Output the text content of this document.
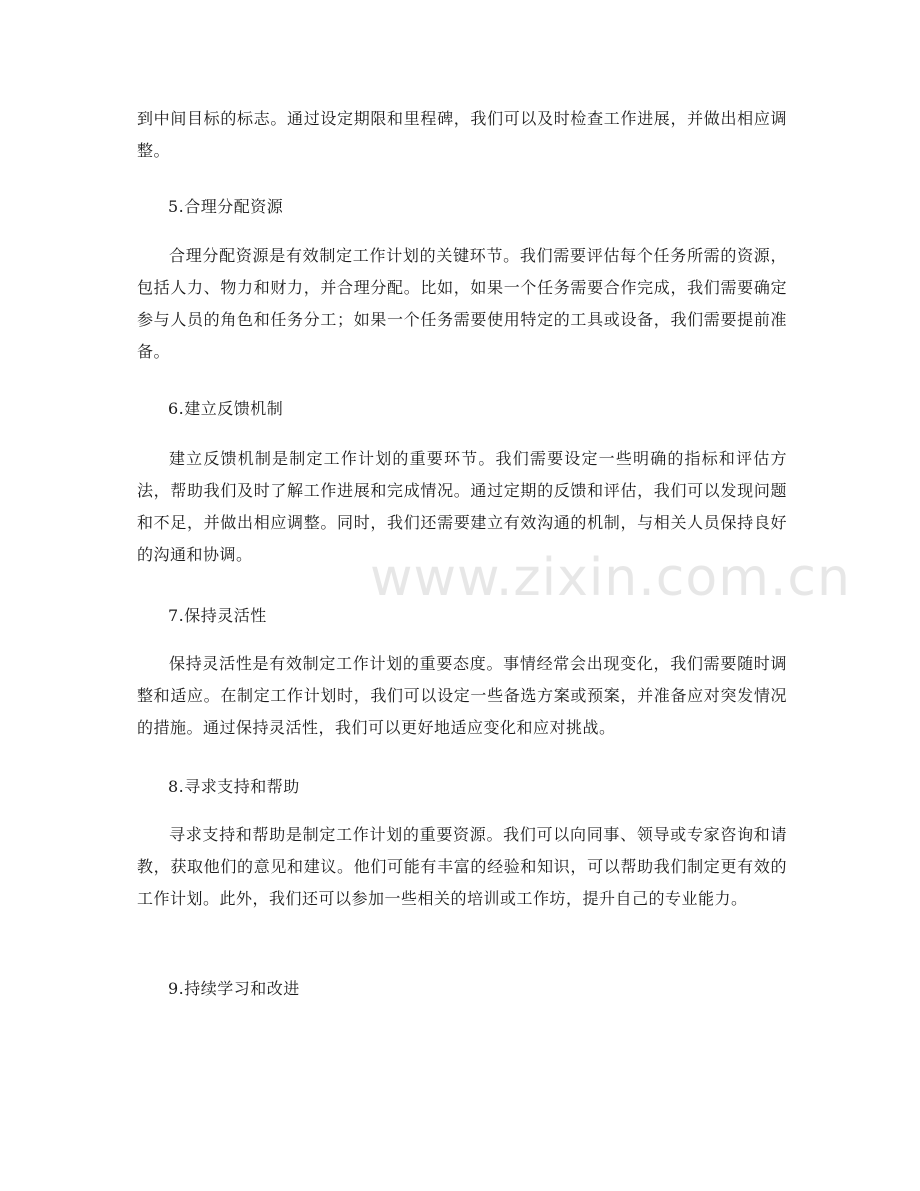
到中间目标的标志。通过设定期限和里程碑，我们可以及时检查工作进展，并做出相应调整。
5.合理分配资源
合理分配资源是有效制定工作计划的关键环节。我们需要评估每个任务所需的资源，包括人力、物力和财力，并合理分配。比如，如果一个任务需要合作完成，我们需要确定参与人员的角色和任务分工；如果一个任务需要使用特定的工具或设备，我们需要提前准备。
6.建立反馈机制
建立反馈机制是制定工作计划的重要环节。我们需要设定一些明确的指标和评估方法，帮助我们及时了解工作进展和完成情况。通过定期的反馈和评估，我们可以发现问题和不足，并做出相应调整。同时，我们还需要建立有效沟通的机制，与相关人员保持良好的沟通和协调。
7.保持灵活性
保持灵活性是有效制定工作计划的重要态度。事情经常会出现变化，我们需要随时调整和适应。在制定工作计划时，我们可以设定一些备选方案或预案，并准备应对突发情况的措施。通过保持灵活性，我们可以更好地适应变化和应对挑战。
8.寻求支持和帮助
寻求支持和帮助是制定工作计划的重要资源。我们可以向同事、领导或专家咨询和请教，获取他们的意见和建议。他们可能有丰富的经验和知识，可以帮助我们制定更有效的工作计划。此外，我们还可以参加一些相关的培训或工作坊，提升自己的专业能力。
9.持续学习和改进
www.zixin.com.cn
